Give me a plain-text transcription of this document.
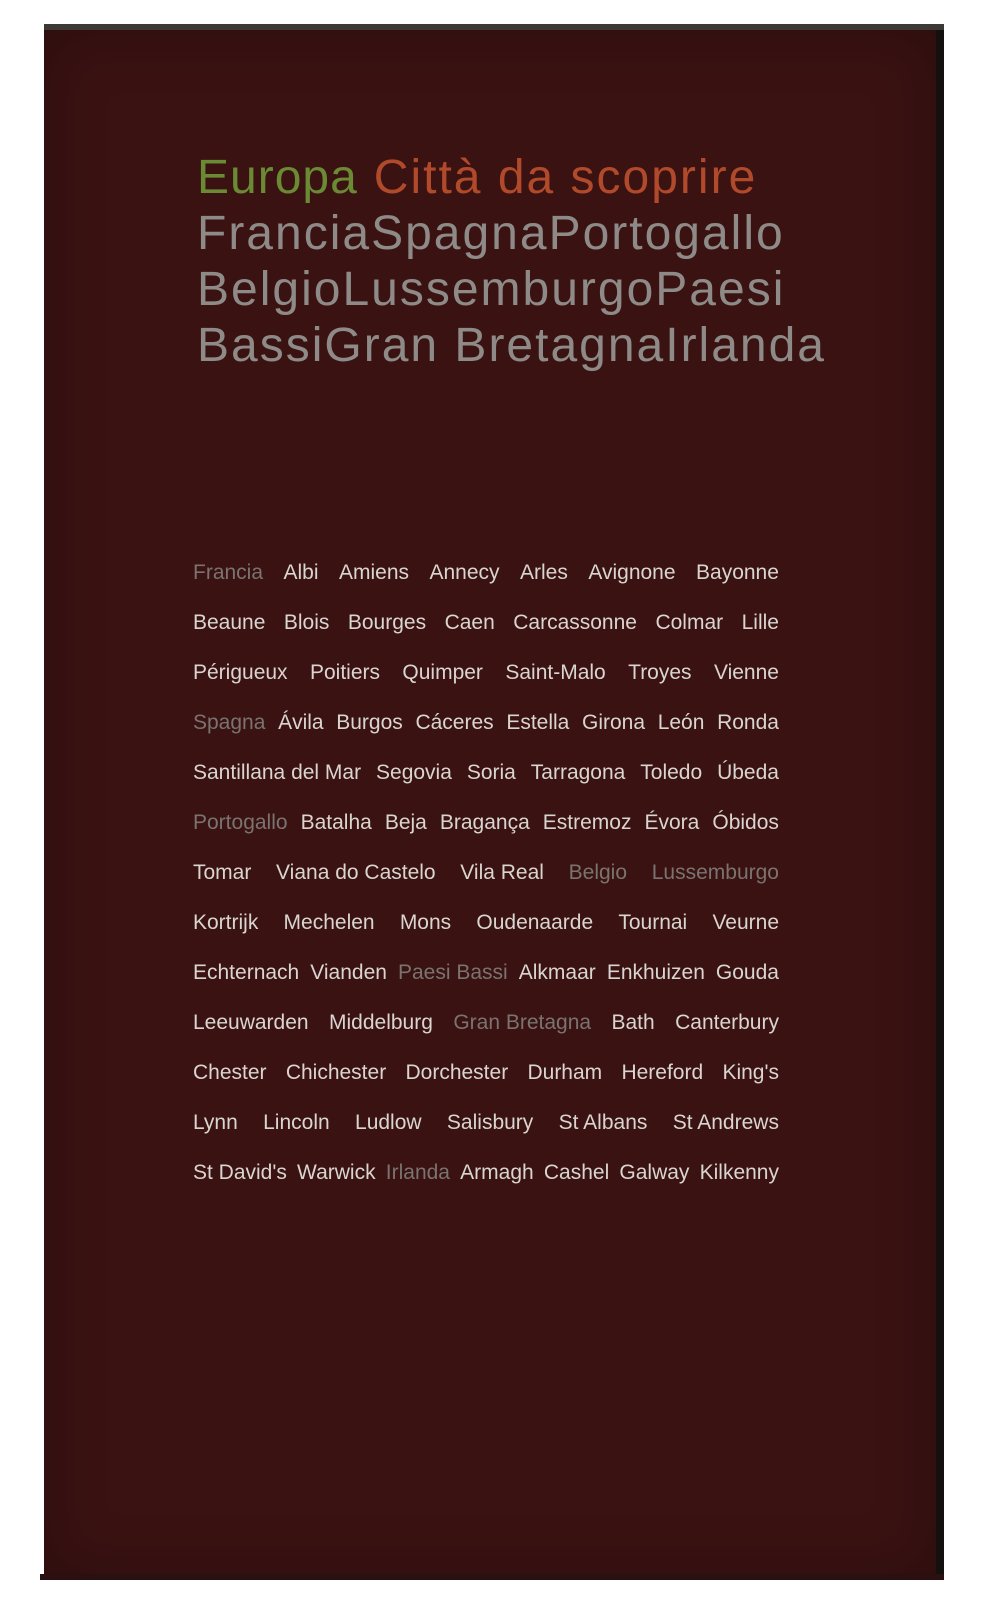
Europa Città da scoprire
Francia Spagna Portogallo
Belgio Lussemburgo Paesi
Bassi Gran Bretagna Irlanda
Francia Albi Amiens Annecy Arles Avignone Bayonne
Beaune Blois Bourges Caen Carcassonne Colmar Lille
Périgueux Poitiers Quimper Saint-Malo Troyes Vienne
Spagna Ávila Burgos Cáceres Estella Girona León Ronda
Santillana del Mar Segovia Soria Tarragona Toledo Úbeda
Portogallo Batalha Beja Bragança Estremoz Évora Óbidos
Tomar Viana do Castelo Vila Real Belgio Lussemburgo
Kortrijk Mechelen Mons Oudenaarde Tournai Veurne
Echternach Vianden Paesi Bassi Alkmaar Enkhuizen Gouda
Leeuwarden Middelburg Gran Bretagna Bath Canterbury
Chester Chichester Dorchester Durham Hereford King's
Lynn Lincoln Ludlow Salisbury St Albans St Andrews
St David's Warwick Irlanda Armagh Cashel Galway Kilkenny
